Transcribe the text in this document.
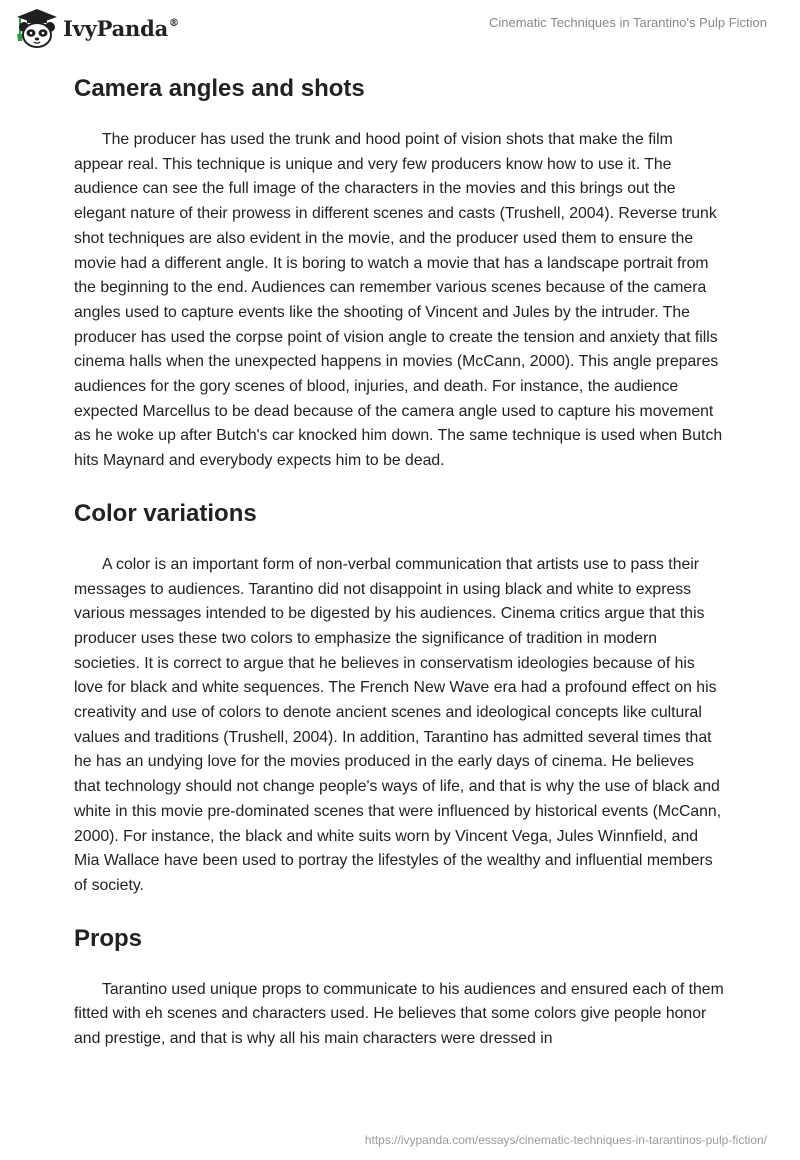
IvyPanda®	Cinematic Techniques in Tarantino's Pulp Fiction
Camera angles and shots

The producer has used the trunk and hood point of vision shots that make the film appear real. This technique is unique and very few producers know how to use it. The audience can see the full image of the characters in the movies and this brings out the elegant nature of their prowess in different scenes and casts (Trushell, 2004). Reverse trunk shot techniques are also evident in the movie, and the producer used them to ensure the movie had a different angle. It is boring to watch a movie that has a landscape portrait from the beginning to the end. Audiences can remember various scenes because of the camera angles used to capture events like the shooting of Vincent and Jules by the intruder. The producer has used the corpse point of vision angle to create the tension and anxiety that fills cinema halls when the unexpected happens in movies (McCann, 2000). This angle prepares audiences for the gory scenes of blood, injuries, and death. For instance, the audience expected Marcellus to be dead because of the camera angle used to capture his movement as he woke up after Butch's car knocked him down. The same technique is used when Butch hits Maynard and everybody expects him to be dead.

Color variations

A color is an important form of non-verbal communication that artists use to pass their messages to audiences. Tarantino did not disappoint in using black and white to express various messages intended to be digested by his audiences. Cinema critics argue that this producer uses these two colors to emphasize the significance of tradition in modern societies. It is correct to argue that he believes in conservatism ideologies because of his love for black and white sequences. The French New Wave era had a profound effect on his creativity and use of colors to denote ancient scenes and ideological concepts like cultural values and traditions (Trushell, 2004). In addition, Tarantino has admitted several times that he has an undying love for the movies produced in the early days of cinema. He believes that technology should not change people's ways of life, and that is why the use of black and white in this movie pre-dominated scenes that were influenced by historical events (McCann, 2000). For instance, the black and white suits worn by Vincent Vega, Jules Winnfield, and Mia Wallace have been used to portray the lifestyles of the wealthy and influential members of society.

Props

Tarantino used unique props to communicate to his audiences and ensured each of them fitted with eh scenes and characters used. He believes that some colors give people honor and prestige, and that is why all his main characters were dressed in

https://ivypanda.com/essays/cinematic-techniques-in-tarantinos-pulp-fiction/
